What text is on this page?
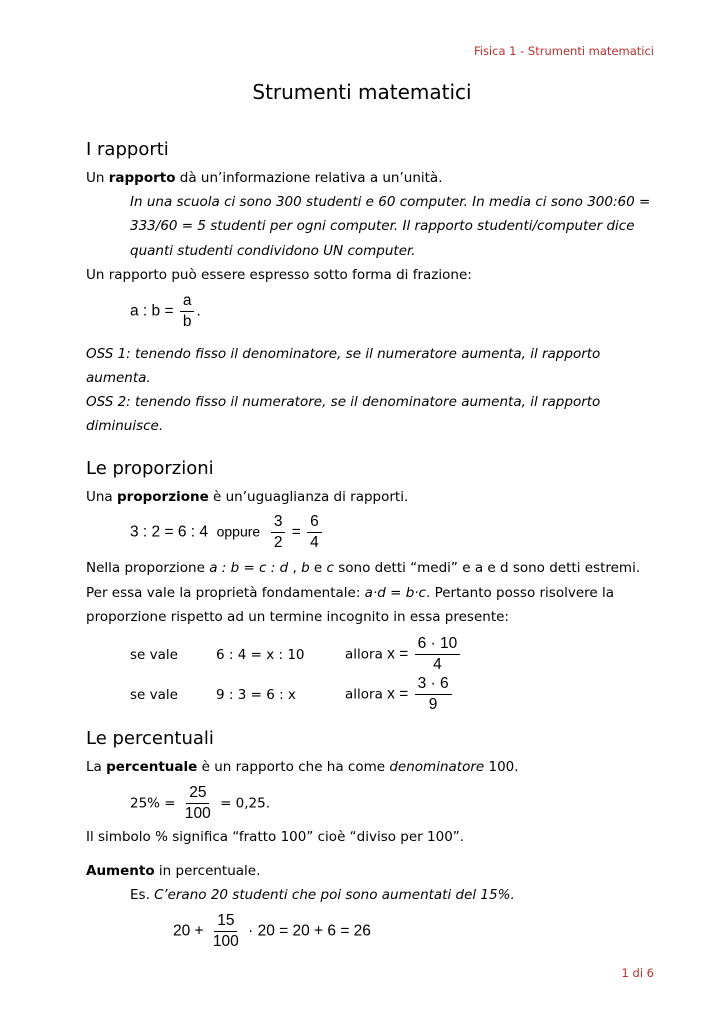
Fisica 1 - Strumenti matematici
Strumenti matematici
I rapporti
Un rapporto dà un’informazione relativa a un’unità.
In una scuola ci sono 300 studenti e 60 computer. In media ci sono 300:60 =
333/60 = 5 studenti per ogni computer. Il rapporto studenti/computer dice
quanti studenti condividono UN computer.
Un rapporto può essere espresso sotto forma di frazione:
a : $b = \frac{a}{b}$ .
OSS 1: tenendo fisso il denominatore, se il numeratore aumenta, il rapporto
aumenta.
OSS 2: tenendo fisso il numeratore, se il denominatore aumenta, il rapporto
diminuisce.
Le proporzioni
Una proporzione è un’uguaglianza di rapporti.
3 : 2 = 6 : 4 oppure $\frac{3}{2} = \frac{6}{4}$
Nella proporzione a : b = c : d , b e c sono detti “medi” e a e d sono detti estremi.
Per essa vale la proprietà fondamentale: a·d = b·c. Pertanto posso risolvere la
proporzione rispetto ad un termine incognito in essa presente:
se vale	6 : 4 = x : 10	allora $x = \frac{6 \cdot 10}{4}$
se vale	9 : 3 = 6 : x	allora $x = \frac{3 \cdot 6}{9}$
Le percentuali
La percentuale è un rapporto che ha come denominatore 100.
$25\% = \frac{25}{100} = 0,25$.
Il simbolo % significa “fratto 100” cioè “diviso per 100”.
Aumento in percentuale.
Es. C’erano 20 studenti che poi sono aumentati del 15%.
$20 + \frac{15}{100} \cdot 20 = 20 + 6 = 26$
1 di 6
